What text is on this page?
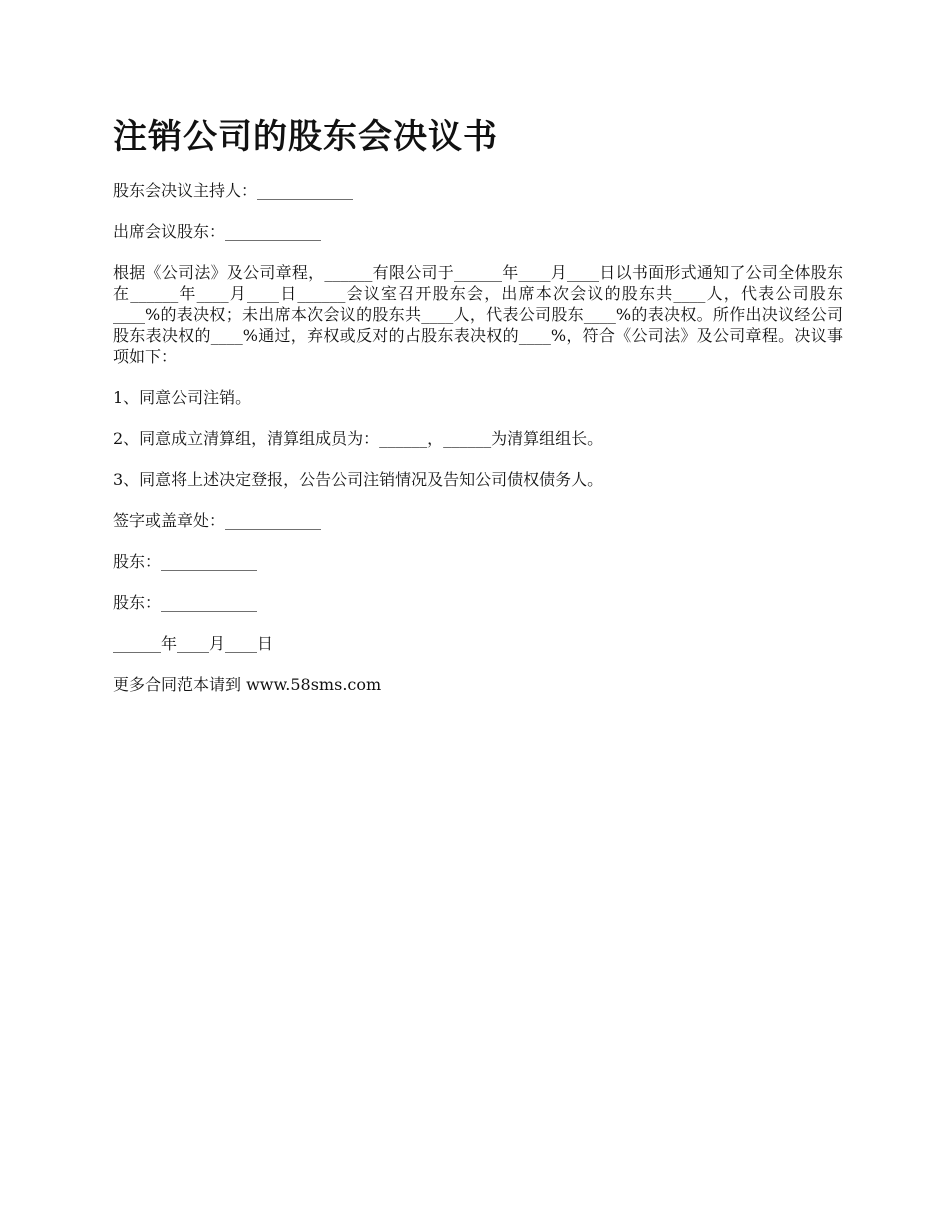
注销公司的股东会决议书

股东会决议主持人：____________

出席会议股东：____________

根据《公司法》及公司章程，______有限公司于______年____月____日以书面形式通知了公司全体股东在______年____月____日______会议室召开股东会，出席本次会议的股东共____人，代表公司股东____%的表决权；未出席本次会议的股东共____人，代表公司股东____%的表决权。所作出决议经公司股东表决权的____%通过，弃权或反对的占股东表决权的____%，符合《公司法》及公司章程。决议事项如下：

1、同意公司注销。

2、同意成立清算组，清算组成员为：______，______为清算组组长。

3、同意将上述决定登报，公告公司注销情况及告知公司债权债务人。

签字或盖章处：____________

股东：____________

股东：____________

______年____月____日

更多合同范本请到 www.58sms.com
